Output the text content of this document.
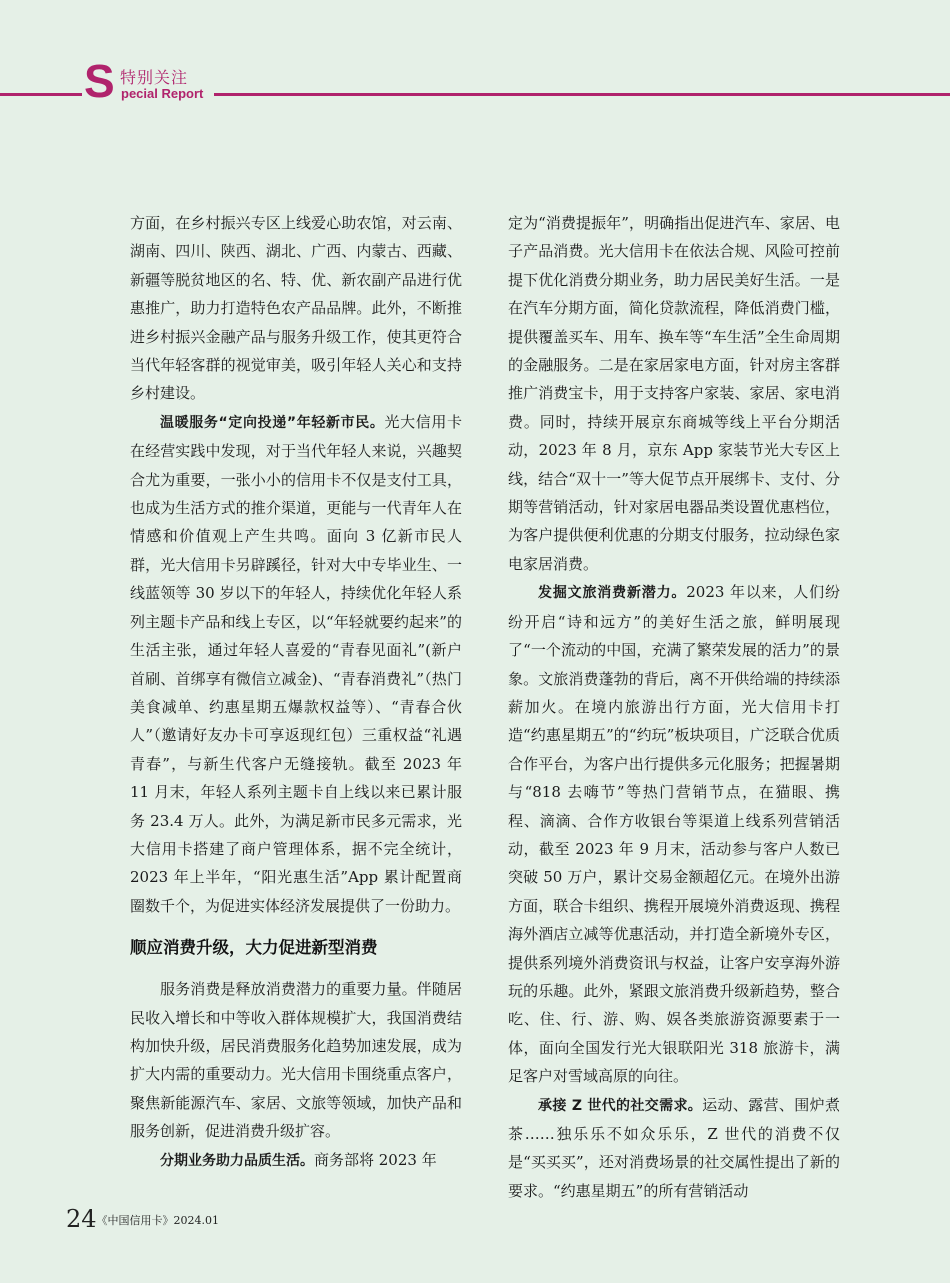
S 特别关注
pecial Report

方面，在乡村振兴专区上线爱心助农馆，对云南、湖南、四川、陕西、湖北、广西、内蒙古、西藏、新疆等脱贫地区的名、特、优、新农副产品进行优惠推广，助力打造特色农产品品牌。此外，不断推进乡村振兴金融产品与服务升级工作，使其更符合当代年轻客群的视觉审美，吸引年轻人关心和支持乡村建设。

温暖服务“定向投递”年轻新市民。光大信用卡在经营实践中发现，对于当代年轻人来说，兴趣契合尤为重要，一张小小的信用卡不仅是支付工具，也成为生活方式的推介渠道，更能与一代青年人在情感和价值观上产生共鸣。面向 3 亿新市民人群，光大信用卡另辟蹊径，针对大中专毕业生、一线蓝领等 30 岁以下的年轻人，持续优化年轻人系列主题卡产品和线上专区，以“年轻就要约起来”的生活主张，通过年轻人喜爱的“青春见面礼”(新户首刷、首绑享有微信立减金)、“青春消费礼”（热门美食减单、约惠星期五爆款权益等）、“青春合伙人”（邀请好友办卡可享返现红包）三重权益“礼遇青春”，与新生代客户无缝接轨。截至 2023 年 11 月末，年轻人系列主题卡自上线以来已累计服务 23.4 万人。此外，为满足新市民多元需求，光大信用卡搭建了商户管理体系，据不完全统计，2023 年上半年，“阳光惠生活”App 累计配置商圈数千个，为促进实体经济发展提供了一份助力。

顺应消费升级，大力促进新型消费

服务消费是释放消费潜力的重要力量。伴随居民收入增长和中等收入群体规模扩大，我国消费结构加快升级，居民消费服务化趋势加速发展，成为扩大内需的重要动力。光大信用卡围绕重点客户，聚焦新能源汽车、家居、文旅等领域，加快产品和服务创新，促进消费升级扩容。

分期业务助力品质生活。商务部将 2023 年

定为“消费提振年”，明确指出促进汽车、家居、电子产品消费。光大信用卡在依法合规、风险可控前提下优化消费分期业务，助力居民美好生活。一是在汽车分期方面，简化贷款流程，降低消费门槛，提供覆盖买车、用车、换车等“车生活”全生命周期的金融服务。二是在家居家电方面，针对房主客群推广消费宝卡，用于支持客户家装、家居、家电消费。同时，持续开展京东商城等线上平台分期活动，2023 年 8 月，京东 App 家装节光大专区上线，结合“双十一”等大促节点开展绑卡、支付、分期等营销活动，针对家居电器品类设置优惠档位，为客户提供便利优惠的分期支付服务，拉动绿色家电家居消费。

发掘文旅消费新潜力。2023 年以来，人们纷纷开启“诗和远方”的美好生活之旅，鲜明展现了“一个流动的中国，充满了繁荣发展的活力”的景象。文旅消费蓬勃的背后，离不开供给端的持续添薪加火。在境内旅游出行方面，光大信用卡打造“约惠星期五”的“约玩”板块项目，广泛联合优质合作平台，为客户出行提供多元化服务；把握暑期与“818 去嗨节”等热门营销节点，在猫眼、携程、滴滴、合作方收银台等渠道上线系列营销活动，截至 2023 年 9 月末，活动参与客户人数已突破 50 万户，累计交易金额超亿元。在境外出游方面，联合卡组织、携程开展境外消费返现、携程海外酒店立减等优惠活动，并打造全新境外专区，提供系列境外消费资讯与权益，让客户安享海外游玩的乐趣。此外，紧跟文旅消费升级新趋势，整合吃、住、行、游、购、娱各类旅游资源要素于一体，面向全国发行光大银联阳光 318 旅游卡，满足客户对雪域高原的向往。

承接 Z 世代的社交需求。运动、露营、围炉煮茶……独乐乐不如众乐乐，Z 世代的消费不仅是“买买买”，还对消费场景的社交属性提出了新的要求。“约惠星期五”的所有营销活动

24《中国信用卡》2024.01
